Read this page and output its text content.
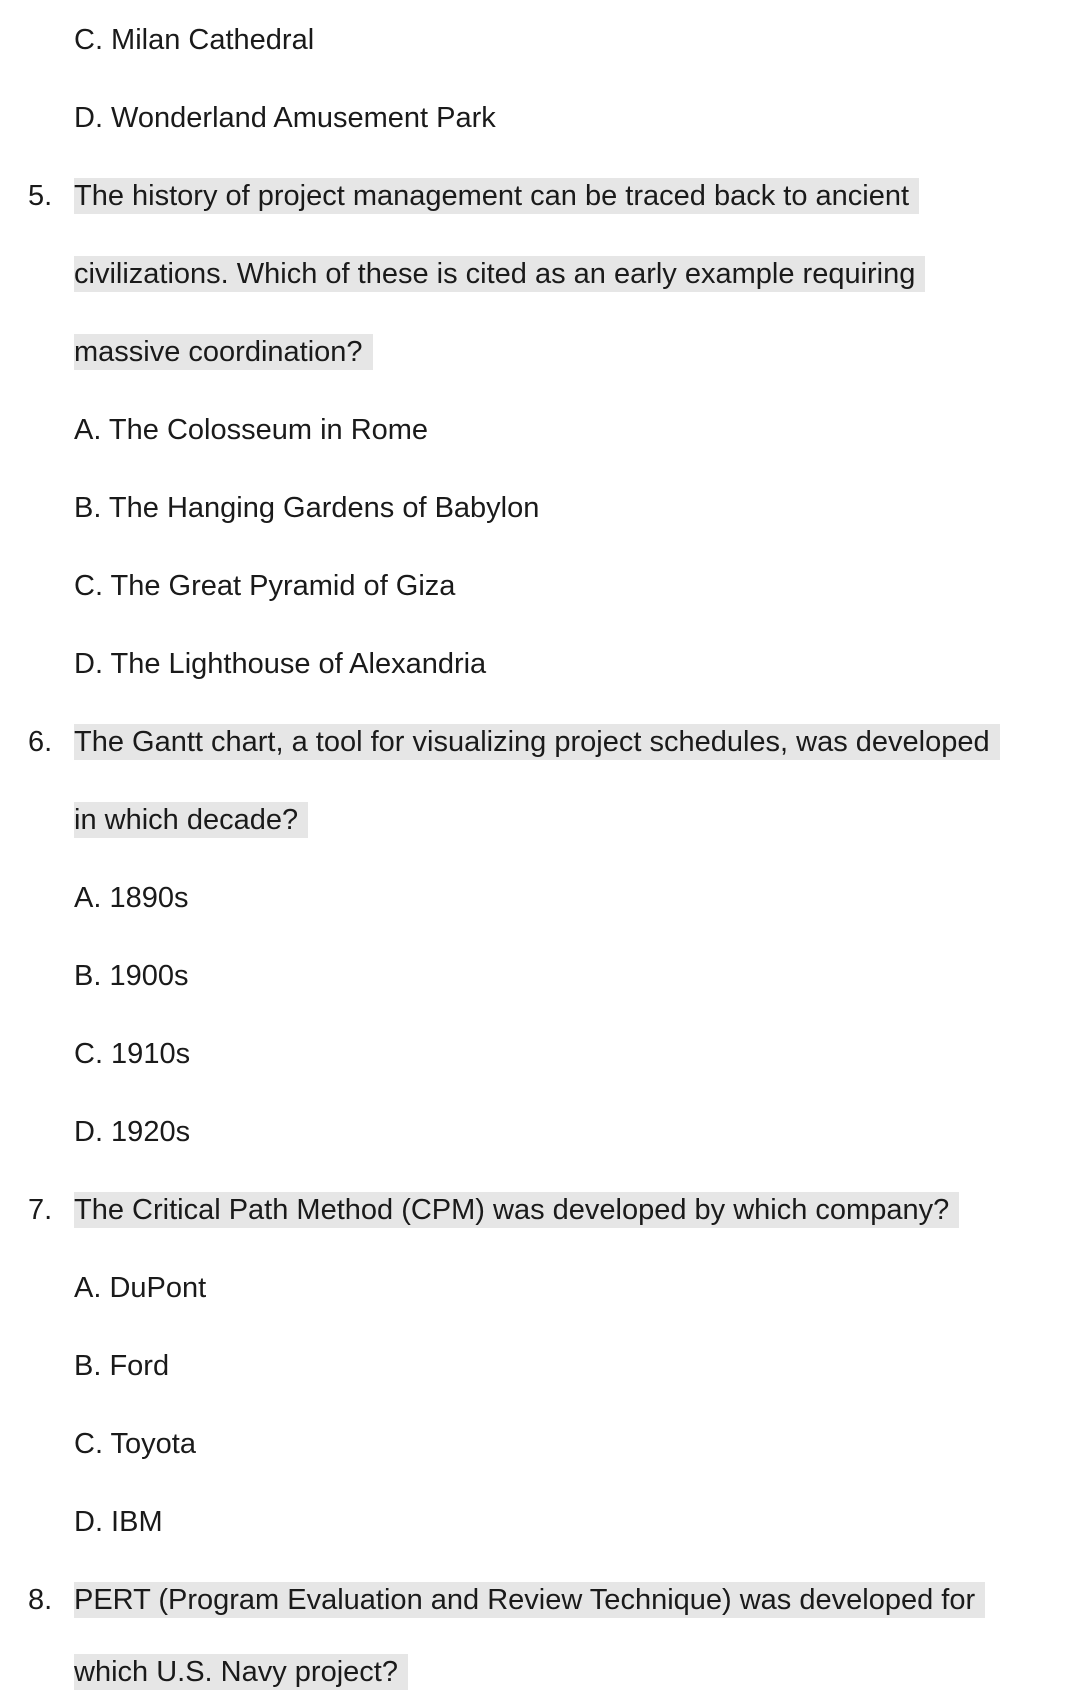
C. Milan Cathedral
D. Wonderland Amusement Park
5. The history of project management can be traced back to ancient
civilizations. Which of these is cited as an early example requiring
massive coordination?
A. The Colosseum in Rome
B. The Hanging Gardens of Babylon
C. The Great Pyramid of Giza
D. The Lighthouse of Alexandria
6. The Gantt chart, a tool for visualizing project schedules, was developed
in which decade?
A. 1890s
B. 1900s
C. 1910s
D. 1920s
7. The Critical Path Method (CPM) was developed by which company?
A. DuPont
B. Ford
C. Toyota
D. IBM
8. PERT (Program Evaluation and Review Technique) was developed for
which U.S. Navy project?
